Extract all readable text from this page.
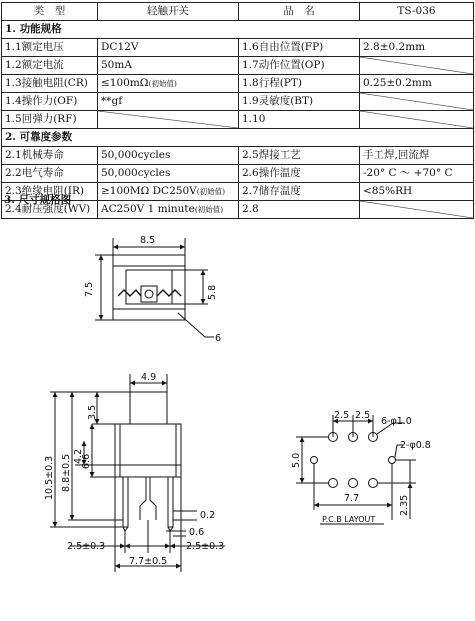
类　型	轻触开关	品　名	TS-036
1. 功能规格			
1.1额定电压	DC12V	1.6自由位置(FP)	2.8±0.2mm
1.2额定电流	50mA	1.7动作位置(OP)	
1.3接触电阻(CR)	≤100mΩ(初始值)	1.8行程(PT)	0.25±0.2mm
1.4操作力(OF)	**gf	1.9灵敏度(BT)	
1.5回弹力(RF)		1.10	
2. 可靠度参数			
2.1机械寿命	50,000cycles	2.5焊接工艺	手工焊,回流焊
2.2电气寿命	50,000cycles	2.6操作温度	-20° C ～ +70° C
2.3绝缘电阻(IR)	≥100MΩ DC250V(初始值)	2.7储存温度	<85%RH
2.4耐压强度(WV)	AC250V 1 minute(初始值)	2.8	
3. 尺寸规格图
8.5
7.5	5.8
6
4.9
3.5
6.6
4.2
8.8±0.5
10.5±0.3
0.2
0.6
2.5±0.3	2.5±0.3
7.7±0.5
2.5 2.5
6-φ1.0
2-φ0.8
5.0
7.7	2.35
P.C.B LAYOUT
